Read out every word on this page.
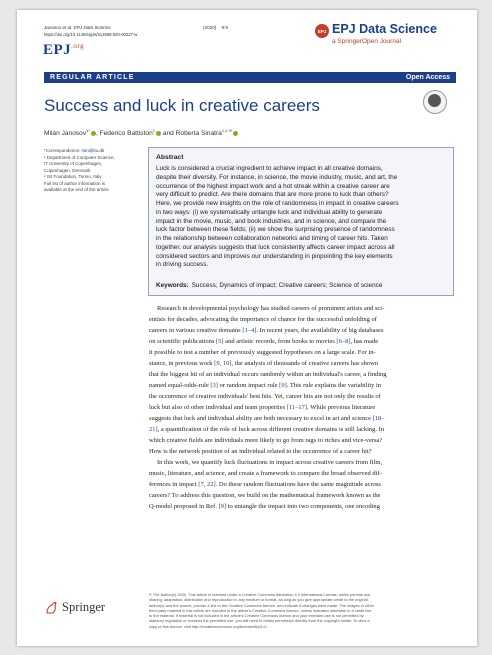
Janosov et al. EPJ Data Science
https://doi.org/10.1140/epjds/s13688-020-00227-w
(2020) 9:9
$EPJ^{.org}$
EPJ EPJ Data Science
a SpringerOpen Journal
REGULAR ARTICLE	Open Access
Success and luck in creative careers
Milán Janosov$^{1*}$ , Federico Battiston$^1$ and Roberta Sinatra$^{1,2,3*}$

*Correspondence: rsin@itu.dk

¹ Department of Computer Science,

IT University of Copenhagen,

Copenhagen, Denmark

² ISI Foundation, Torino, Italy

Full list of author information is

available at the end of the article

Abstract
Luck is considered a crucial ingredient to achieve impact in all creative domains,
despite their diversity. For instance, in science, the movie industry, music, and art, the
occurrence of the highest impact work and a hot streak within a creative career are
very difficult to predict. Are there domains that are more prone to luck than others?
Here, we provide new insights on the role of randomness in impact in creative careers
in two ways: (i) we systematically untangle luck and individual ability to generate
impact in the movie, music, and book industries, and in science, and compare the
luck factor between these fields; (ii) we show the surprising presence of randomness
in the relationship between collaboration networks and timing of career hits. Taken
together, our analysis suggests that luck consistently affects career impact across all
considered sectors and improves our understanding in pinpointing the key elements
in driving success.
Keywords: Success; Dynamics of impact; Creative careers; Science of science
Research in developmental psychology has studied careers of prominent artists and sci-
entists for decades, advocating the importance of chance for the successful unfolding of
careers in various creative domains [1–4]. In recent years, the availability of big databases
on scientific publications [5] and artistic records, from books to movies [6–8], has made
it possible to test a number of previously suggested hypotheses on a large scale. For in-
stance, in previous work [9, 10], the analysis of thousands of creative careers has shown
that the biggest hit of an individual occurs randomly within an individual's career, a finding
named equal-odds-rule [3] or random impact rule [9]. This rule explains the variability in
the occurrence of creative individuals' best hits. Yet, career hits are not only the results of
luck but also of other individual and team properties [11–17]. While previous literature
suggests that luck and individual ability are both necessary to excel in art and science [18–
21], a quantification of the role of luck across different creative domains is still lacking. In
which creative fields are individuals more likely to go from rags to riches and vice-versa?
How is the network position of an individual related to the occurrence of a career hit?
In this work, we quantify luck fluctuations in impact across creative careers from film,
music, literature, and science, and create a framework to compare the broad observed dif-
ferences in impact [7, 22]. Do these random fluctuations have the same magnitude across
careers? To address this question, we build on the mathematical framework known as the
Q-model proposed in Ref. [9] to untangle the impact into two components, one encoding
Springer
© The Author(s) 2020. This article is licensed under a Creative Commons Attribution 4.0 International License, which permits use,
sharing, adaptation, distribution and reproduction in any medium or format, as long as you give appropriate credit to the original
author(s) and the source, provide a link to the Creative Commons licence, and indicate if changes were made. The images or other
third party material in this article are included in the article's Creative Commons licence, unless indicated otherwise in a credit line
to the material. If material is not included in the article's Creative Commons licence and your intended use is not permitted by
statutory regulation or exceeds the permitted use, you will need to obtain permission directly from the copyright holder. To view a
copy of this licence, visit http://creativecommons.org/licenses/by/4.0/.
